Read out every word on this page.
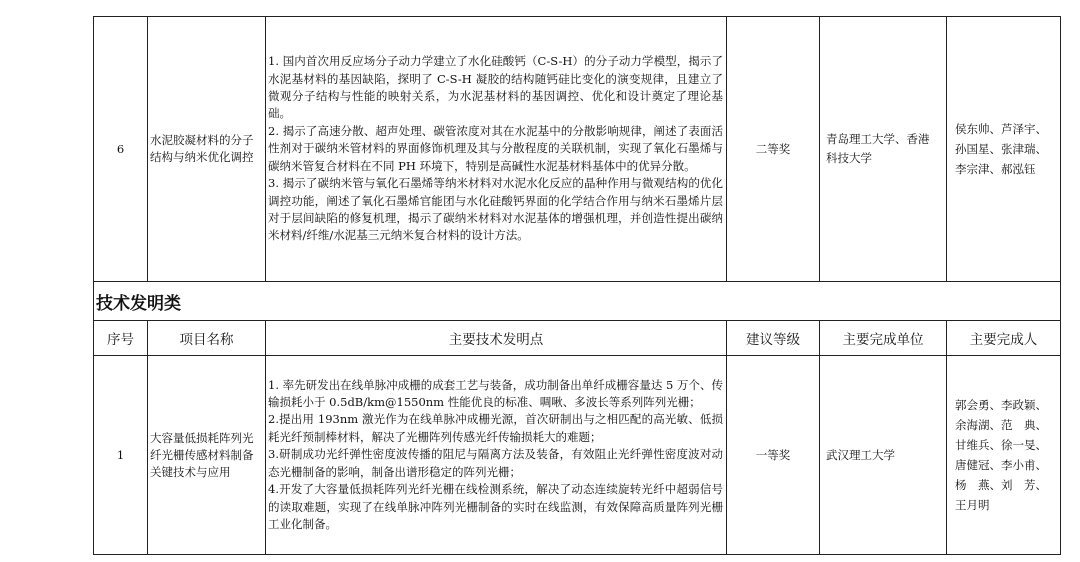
6	水泥胶凝材料的分子结构与纳米优化调控	1. 国内首次用反应场分子动力学建立了水化硅酸钙（C-S-H）的分子动力学模型，揭示了水泥基材料的基因缺陷，探明了 C-S-H 凝胶的结构随钙硅比变化的演变规律，且建立了微观分子结构与性能的映射关系，为水泥基材料的基因调控、优化和设计奠定了理论基础。

2. 揭示了高速分散、超声处理、碳管浓度对其在水泥基中的分散影响规律，阐述了表面活性剂对于碳纳米管材料的界面修饰机理及其与分散程度的关联机制，实现了氧化石墨烯与碳纳米管复合材料在不同 PH 环境下，特别是高碱性水泥基材料基体中的优异分散。

3. 揭示了碳纳米管与氧化石墨烯等纳米材料对水泥水化反应的晶种作用与微观结构的优化调控功能，阐述了氧化石墨烯官能团与水化硅酸钙界面的化学结合作用与纳米石墨烯片层对于层间缺陷的修复机理，揭示了碳纳米材料对水泥基体的增强机理，并创造性提出碳纳米材料/纤维/水泥基三元纳米复合材料的设计方法。	二等奖	青岛理工大学、香港科技大学	侯东帅、芦泽宇、孙国星、张津瑞、李宗津、郝泓钰
技术发明类					
序号	项目名称	主要技术发明点	建议等级	主要完成单位	主要完成人
1	大容量低损耗阵列光纤光栅传感材料制备关键技术与应用	1. 率先研发出在线单脉冲成栅的成套工艺与装备，成功制备出单纤成栅容量达 5 万个、传输损耗小于 0.5dB/km@1550nm 性能优良的标准、啁啾、多波长等系列阵列光栅；

2.提出用 193nm 激光作为在线单脉冲成栅光源，首次研制出与之相匹配的高光敏、低损耗光纤预制棒材料，解决了光栅阵列传感光纤传输损耗大的难题；

3.研制成功光纤弹性密度波传播的阻尼与隔离方法及装备，有效阻止光纤弹性密度波对动态光栅制备的影响，制备出谱形稳定的阵列光栅；

4.开发了大容量低损耗阵列光纤光栅在线检测系统，解决了动态连续旋转光纤中超弱信号的读取难题，实现了在线单脉冲阵列光栅制备的实时在线监测，有效保障高质量阵列光栅工业化制备。	一等奖	武汉理工大学	郭会勇、李政颖、余海湖、范　典、甘维兵、徐一旻、唐健冠、李小甫、杨　燕、刘　芳、王月明
